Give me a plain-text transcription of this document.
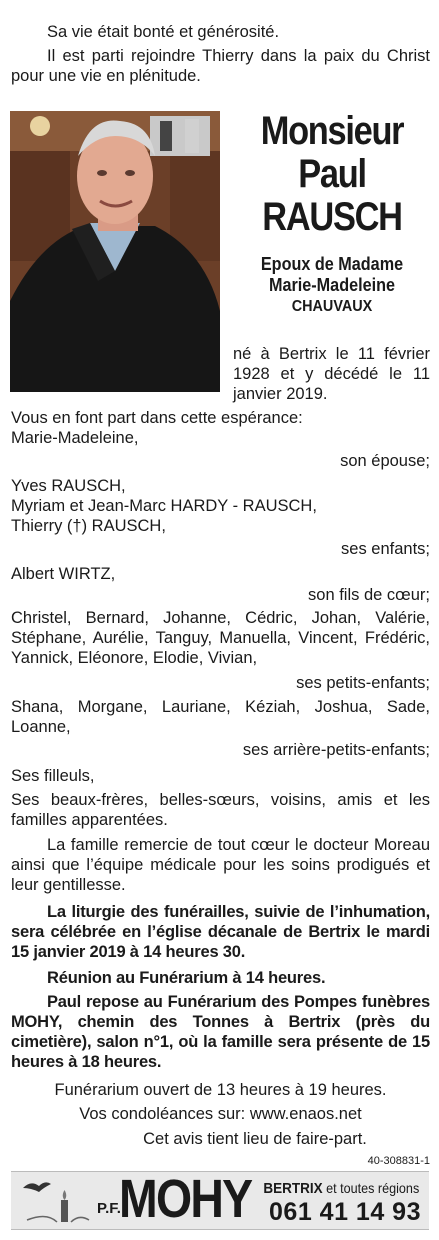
Sa vie était bonté et générosité.

Il est parti rejoindre Thierry dans la paix du Christ pour une vie en plénitude.

Monsieur
Paul
RAUSCH
Epoux de Madame
Marie-Madeleine
CHAUVAUX

né à Bertrix le 11 février 1928 et y décédé le 11 janvier 2019.

Vous en font part dans cette espérance:

Marie-Madeleine,

son épouse;

Yves RAUSCH,

Myriam et Jean-Marc HARDY - RAUSCH,

Thierry (†) RAUSCH,

ses enfants;

Albert WIRTZ,

son fils de cœur;

Christel, Bernard, Johanne, Cédric, Johan, Valérie, Stéphane, Aurélie, Tanguy, Manuella, Vincent, Frédéric, Yannick, Eléonore, Elodie, Vivian,

ses petits-enfants;

Shana, Morgane, Lauriane, Kéziah, Joshua, Sade, Loanne,

ses arrière-petits-enfants;

Ses filleuls,

Ses beaux-frères, belles-sœurs, voisins, amis et les familles apparentées.

La famille remercie de tout cœur le docteur Moreau ainsi que l’équipe médicale pour les soins prodigués et leur gentillesse.

La liturgie des funérailles, suivie de l’inhumation, sera célébrée en l’église décanale de Bertrix le mardi 15 janvier 2019 à 14 heures 30.

Réunion au Funérarium à 14 heures.

Paul repose au Funérarium des Pompes funèbres MOHY, chemin des Tonnes à Bertrix (près du cimetière), salon n°1, où la famille sera présente de 15 heures à 18 heures.

Funérarium ouvert de 13 heures à 19 heures.

Vos condoléances sur: www.enaos.net

Cet avis tient lieu de faire-part.

40-308831-1
P.F.
MOHY BERTRIX et toutes régions
061 41 14 93
